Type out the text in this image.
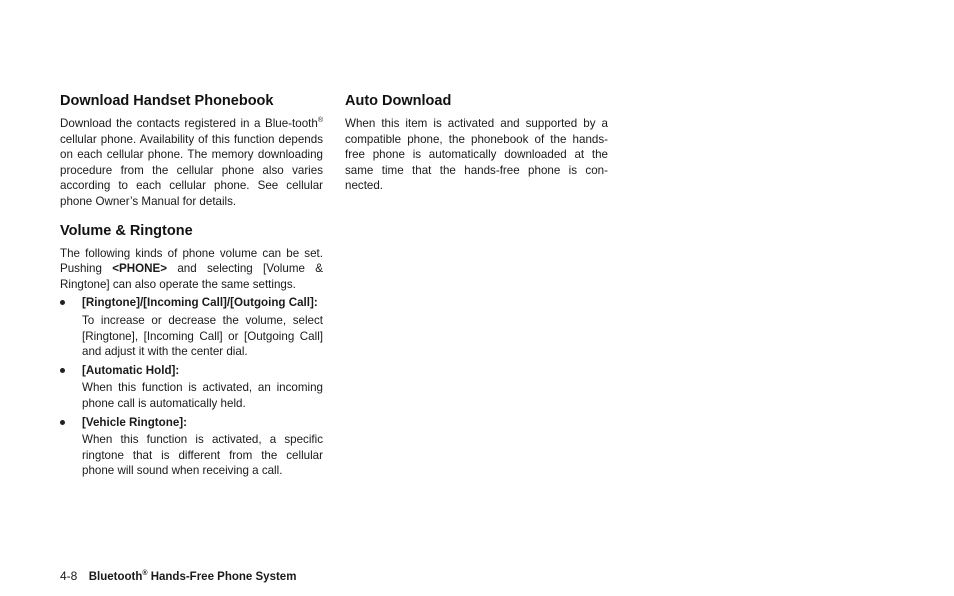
Download Handset Phonebook

Download the contacts registered in a Blue-tooth® cellular phone. Availability of this function depends on each cellular phone. The memory downloading procedure from the cellular phone also varies according to each cellular phone. See cellular phone Owner’s Manual for details.

Volume & Ringtone

The following kinds of phone volume can be set. Pushing <PHONE> and selecting [Volume & Ringtone] can also operate the same settings.

[Ringtone]/[Incoming Call]/[Outgoing Call]:

To increase or decrease the volume, select [Ringtone], [Incoming Call] or [Outgoing Call] and adjust it with the center dial.

[Automatic Hold]:

When this function is activated, an incoming phone call is automatically held.

[Vehicle Ringtone]:

When this function is activated, a specific ringtone that is different from the cellular phone will sound when receiving a call.

Auto Download

When this item is activated and supported by a compatible phone, the phonebook of the hands-free phone is automatically downloaded at the same time that the hands-free phone is con-nected.

4-8 Bluetooth® Hands-Free Phone System
